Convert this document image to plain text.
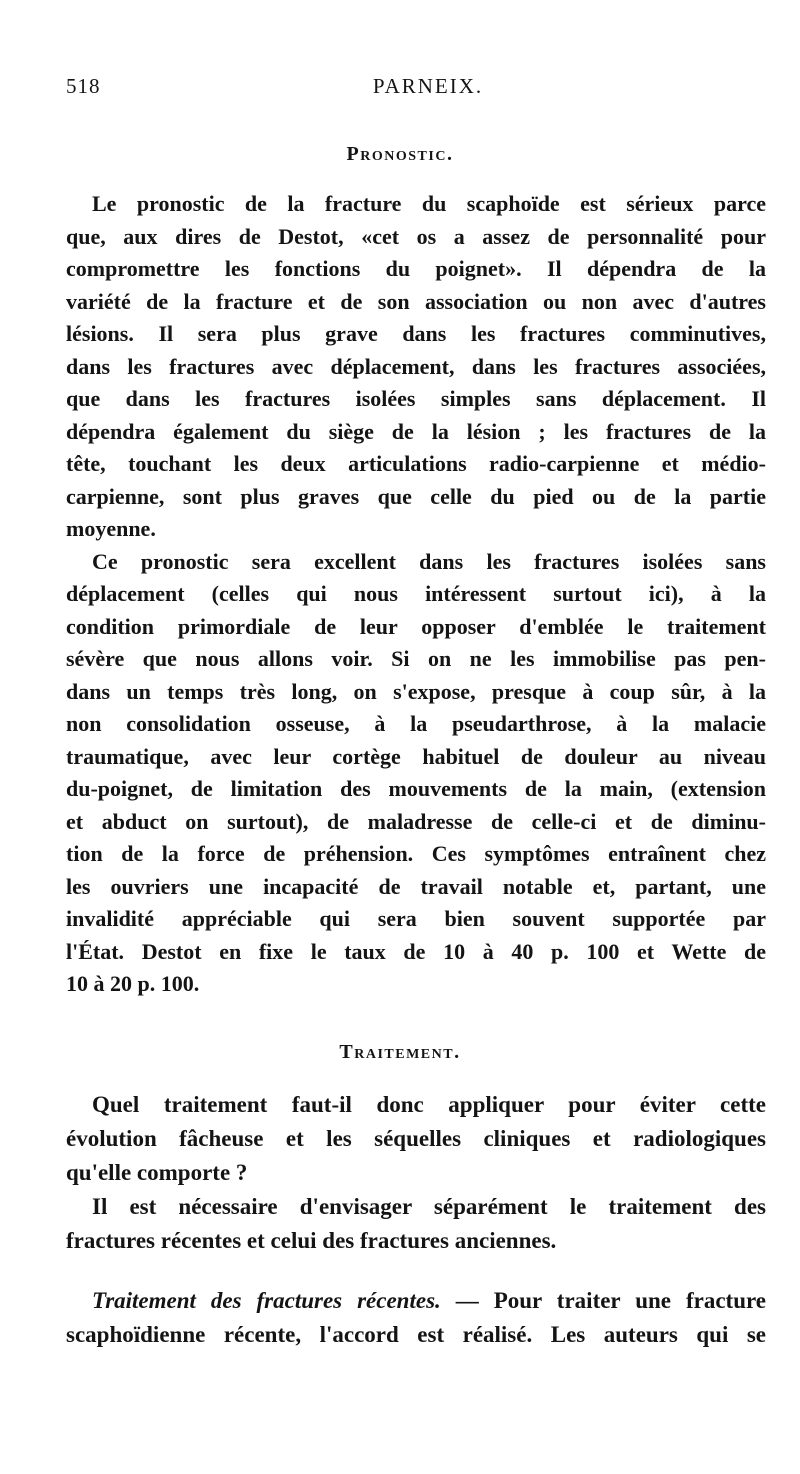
518	PARNEIX.
Pronostic.
Le pronostic de la fracture du scaphoïde est sérieux parce
que, aux dires de Destot, «cet os a assez de personnalité pour
compromettre les fonctions du poignet». Il dépendra de la
variété de la fracture et de son association ou non avec d'autres
lésions. Il sera plus grave dans les fractures comminutives,
dans les fractures avec déplacement, dans les fractures associées,
que dans les fractures isolées simples sans déplacement. Il
dépendra également du siège de la lésion ; les fractures de la
tête, touchant les deux articulations radio-carpienne et médio-
carpienne, sont plus graves que celle du pied ou de la partie
moyenne.
Ce pronostic sera excellent dans les fractures isolées sans
déplacement (celles qui nous intéressent surtout ici), à la
condition primordiale de leur opposer d'emblée le traitement
sévère que nous allons voir. Si on ne les immobilise pas pen-
dans un temps très long, on s'expose, presque à coup sûr, à la
non consolidation osseuse, à la pseudarthrose, à la malacie
traumatique, avec leur cortège habituel de douleur au niveau
du-poignet, de limitation des mouvements de la main, (extension
et abduct on surtout), de maladresse de celle-ci et de diminu-
tion de la force de préhension. Ces symptômes entraînent chez
les ouvriers une incapacité de travail notable et, partant, une
invalidité appréciable qui sera bien souvent supportée par
l'État. Destot en fixe le taux de 10 à 40 p. 100 et Wette de
10 à 20 p. 100.
Traitement.
Quel traitement faut-il donc appliquer pour éviter cette
évolution fâcheuse et les séquelles cliniques et radiologiques
qu'elle comporte ?
Il est nécessaire d'envisager séparément le traitement des
fractures récentes et celui des fractures anciennes.
Traitement des fractures récentes. — Pour traiter une fracture
scaphoïdienne récente, l'accord est réalisé. Les auteurs qui se
